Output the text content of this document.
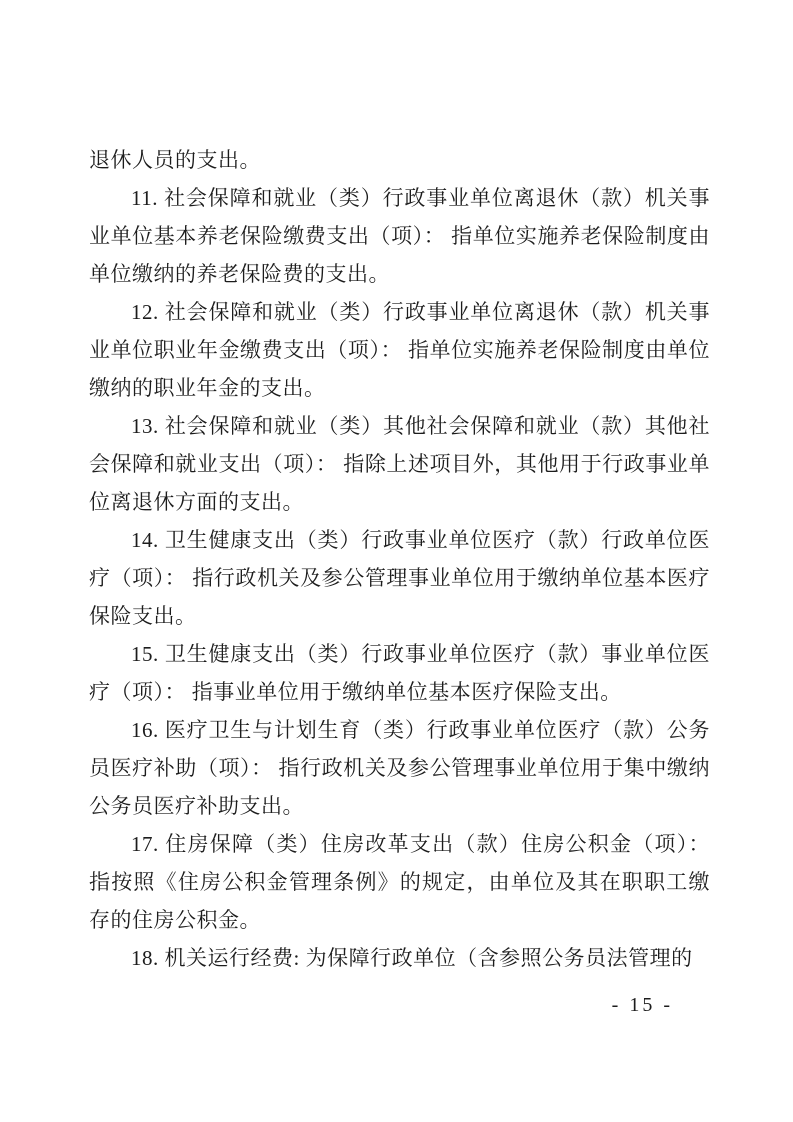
退休人员的支出。

11. 社会保障和就业（类）行政事业单位离退休（款）机关事业单位基本养老保险缴费支出（项）： 指单位实施养老保险制度由单位缴纳的养老保险费的支出。

12. 社会保障和就业（类）行政事业单位离退休（款）机关事业单位职业年金缴费支出（项）： 指单位实施养老保险制度由单位缴纳的职业年金的支出。

13. 社会保障和就业（类）其他社会保障和就业（款）其他社会保障和就业支出（项）： 指除上述项目外，其他用于行政事业单位离退休方面的支出。

14. 卫生健康支出（类）行政事业单位医疗（款）行政单位医疗（项）： 指行政机关及参公管理事业单位用于缴纳单位基本医疗保险支出。

15. 卫生健康支出（类）行政事业单位医疗（款）事业单位医疗（项）： 指事业单位用于缴纳单位基本医疗保险支出。

16. 医疗卫生与计划生育（类）行政事业单位医疗（款）公务员医疗补助（项）： 指行政机关及参公管理事业单位用于集中缴纳公务员医疗补助支出。

17. 住房保障（类）住房改革支出（款）住房公积金（项）：指按照《住房公积金管理条例》的规定，由单位及其在职职工缴存的住房公积金。

18. 机关运行经费: 为保障行政单位（含参照公务员法管理的

- 15 -
